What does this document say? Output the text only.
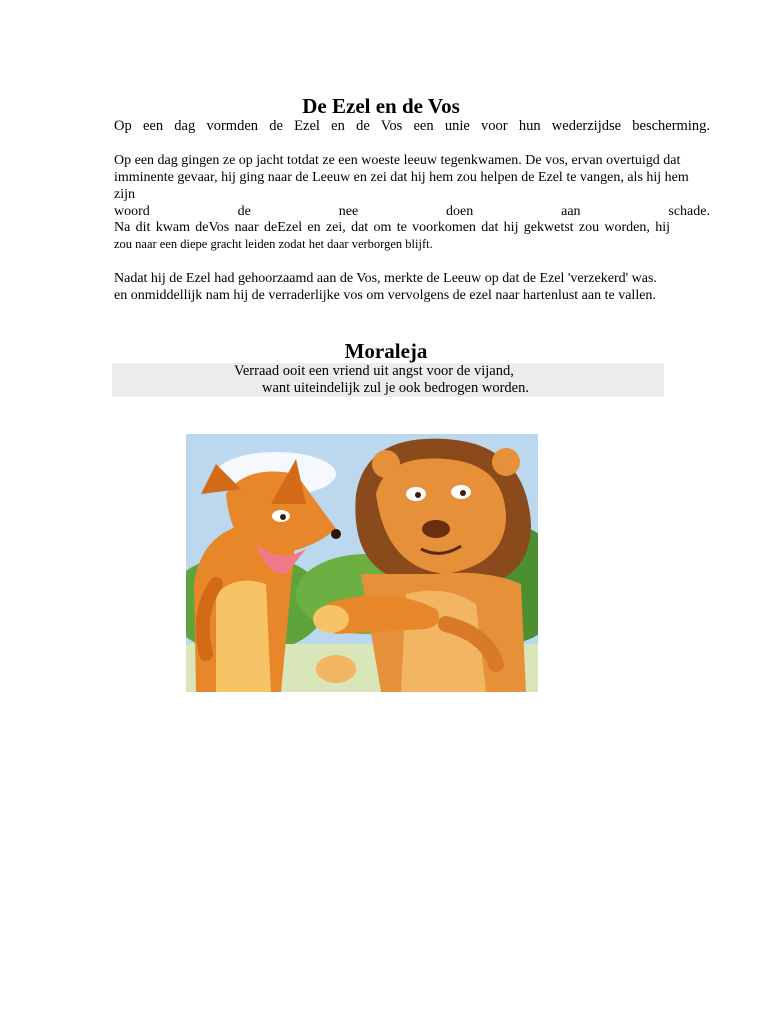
De Ezel en de Vos

Op een dag vormden de Ezel en de Vos een unie voor hun wederzijdse bescherming.

Op een dag gingen ze op jacht totdat ze een woeste leeuw tegenkwamen. De vos, ervan overtuigd dat
imminente gevaar, hij ging naar de Leeuw en zei dat hij hem zou helpen de Ezel te vangen, als hij hem zijn
woord de nee doen aan schade.

Na dit kwam deVos naar deEzel en zei, dat om te voorkomen dat hij gekwetst zou worden, hij
zou naar een diepe gracht leiden zodat het daar verborgen blijft.

Nadat hij de Ezel had gehoorzaamd aan de Vos, merkte de Leeuw op dat de Ezel 'verzekerd' was.
en onmiddellijk nam hij de verraderlijke vos om vervolgens de ezel naar hartenlust aan te vallen.

Moraleja
Verraad ooit een vriend uit angst voor de vijand,
want uiteindelijk zul je ook bedrogen worden.
